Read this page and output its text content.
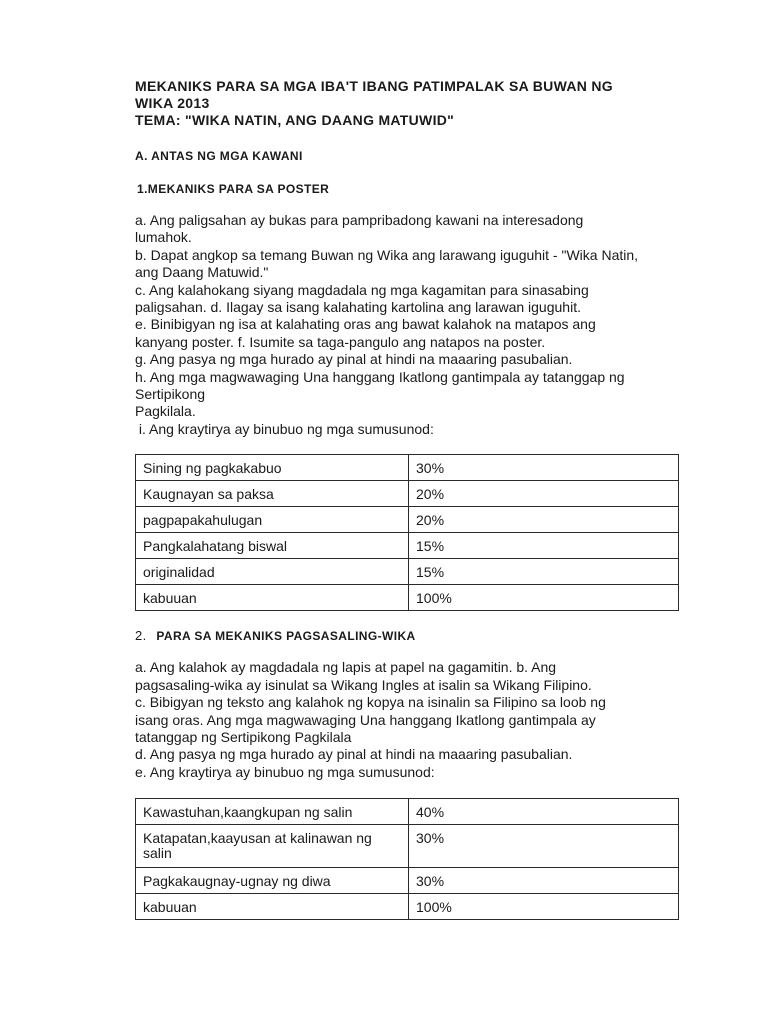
MEKANIKS PARA SA MGA IBA'T IBANG PATIMPALAK SA BUWAN NG
WIKA 2013
TEMA: "WIKA NATIN, ANG DAANG MATUWID"
A. ANTAS NG MGA KAWANI
1.MEKANIKS PARA SA POSTER

a. Ang paligsahan ay bukas para pampribadong kawani na interesadong
lumahok.
b. Dapat angkop sa temang Buwan ng Wika ang larawang iguguhit - "Wika Natin,
ang Daang Matuwid."
c. Ang kalahokang siyang magdadala ng mga kagamitan para sinasabing
paligsahan. d. Ilagay sa isang kalahating kartolina ang larawan iguguhit.
e. Binibigyan ng isa at kalahating oras ang bawat kalahok na matapos ang
kanyang poster. f. Isumite sa taga-pangulo ang natapos na poster.
g. Ang pasya ng mga hurado ay pinal at hindi na maaaring pasubalian.
h. Ang mga magwawaging Una hanggang Ikatlong gantimpala ay tatanggap ng
Sertipikong
Pagkilala.
i. Ang kraytirya ay binubuo ng mga sumusunod:

Sining ng pagkakabuo	30%
Kaugnayan sa paksa	20%
pagpapakahulugan	20%
Pangkalahatang biswal	15%
originalidad	15%
kabuuan	100%
2. PARA SA MEKANIKS PAGSASALING-WIKA

a. Ang kalahok ay magdadala ng lapis at papel na gagamitin. b. Ang
pagsasaling-wika ay isinulat sa Wikang Ingles at isalin sa Wikang Filipino.
c. Bibigyan ng teksto ang kalahok ng kopya na isinalin sa Filipino sa loob ng
isang oras. Ang mga magwawaging Una hanggang Ikatlong gantimpala ay
tatanggap ng Sertipikong Pagkilala
d. Ang pasya ng mga hurado ay pinal at hindi na maaaring pasubalian.
e. Ang kraytirya ay binubuo ng mga sumusunod:

Kawastuhan,kaangkupan ng salin	40%
Katapatan,kaayusan at kalinawan ng salin	30%
Pagkakaugnay-ugnay ng diwa	30%
kabuuan	100%
